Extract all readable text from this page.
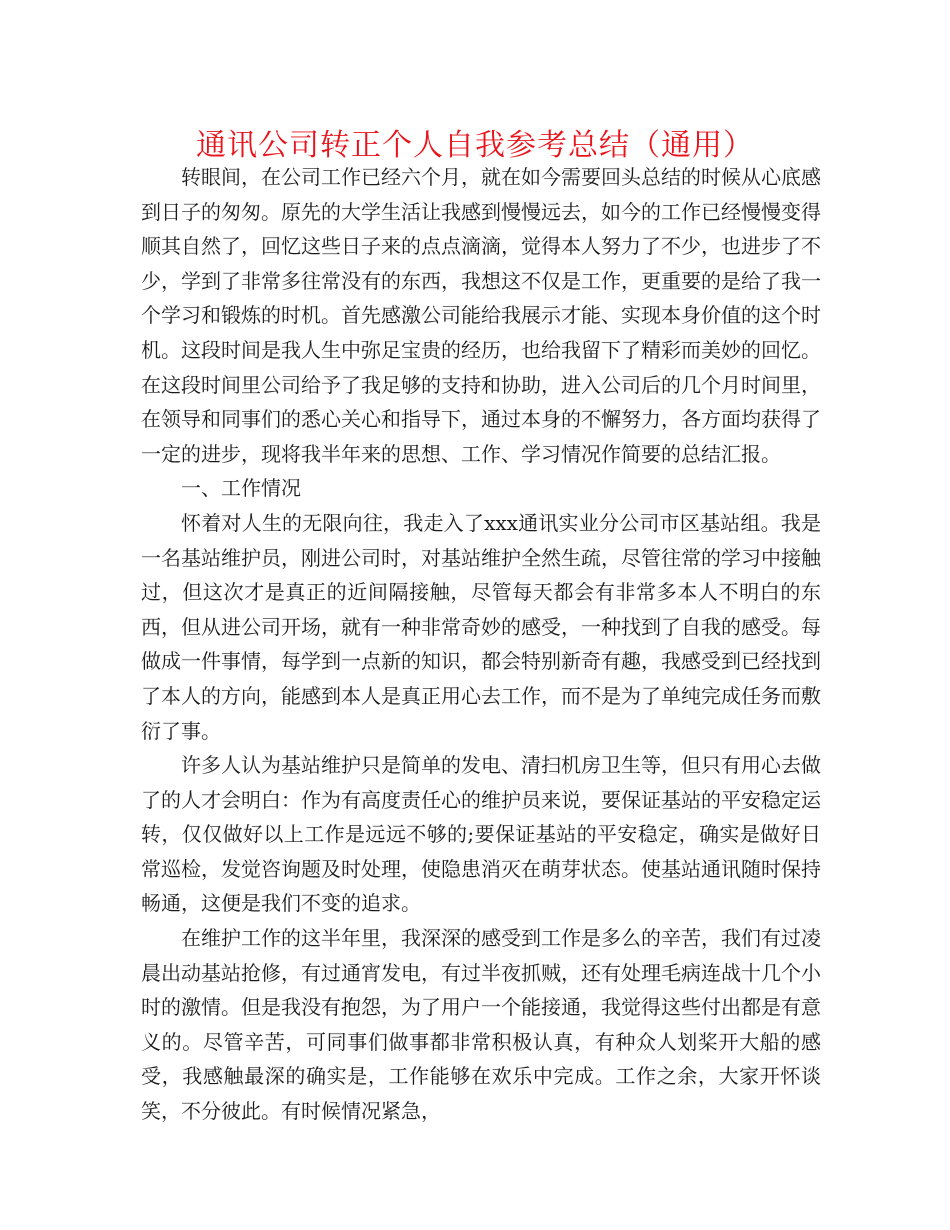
通讯公司转正个人自我参考总结（通用）

转眼间，在公司工作已经六个月，就在如今需要回头总结的时候从心底感到日子的匆匆。原先的大学生活让我感到慢慢远去，如今的工作已经慢慢变得顺其自然了，回忆这些日子来的点点滴滴，觉得本人努力了不少，也进步了不少，学到了非常多往常没有的东西，我想这不仅是工作，更重要的是给了我一个学习和锻炼的时机。首先感激公司能给我展示才能、实现本身价值的这个时机。这段时间是我人生中弥足宝贵的经历，也给我留下了精彩而美妙的回忆。在这段时间里公司给予了我足够的支持和协助，进入公司后的几个月时间里，在领导和同事们的悉心关心和指导下，通过本身的不懈努力，各方面均获得了一定的进步，现将我半年来的思想、工作、学习情况作简要的总结汇报。

一、工作情况

怀着对人生的无限向往，我走入了xxx通讯实业分公司市区基站组。我是一名基站维护员，刚进公司时，对基站维护全然生疏，尽管往常的学习中接触过，但这次才是真正的近间隔接触，尽管每天都会有非常多本人不明白的东西，但从进公司开场，就有一种非常奇妙的感受，一种找到了自我的感受。每做成一件事情，每学到一点新的知识，都会特别新奇有趣，我感受到已经找到了本人的方向，能感到本人是真正用心去工作，而不是为了单纯完成任务而敷衍了事。

许多人认为基站维护只是简单的发电、清扫机房卫生等，但只有用心去做了的人才会明白：作为有高度责任心的维护员来说，要保证基站的平安稳定运转，仅仅做好以上工作是远远不够的;要保证基站的平安稳定，确实是做好日常巡检，发觉咨询题及时处理，使隐患消灭在萌芽状态。使基站通讯随时保持畅通，这便是我们不变的追求。

在维护工作的这半年里，我深深的感受到工作是多么的辛苦，我们有过凌晨出动基站抢修，有过通宵发电，有过半夜抓贼，还有处理毛病连战十几个小时的激情。但是我没有抱怨，为了用户一个能接通，我觉得这些付出都是有意义的。尽管辛苦，可同事们做事都非常积极认真，有种众人划桨开大船的感受，我感触最深的确实是，工作能够在欢乐中完成。工作之余，大家开怀谈笑，不分彼此。有时候情况紧急，
